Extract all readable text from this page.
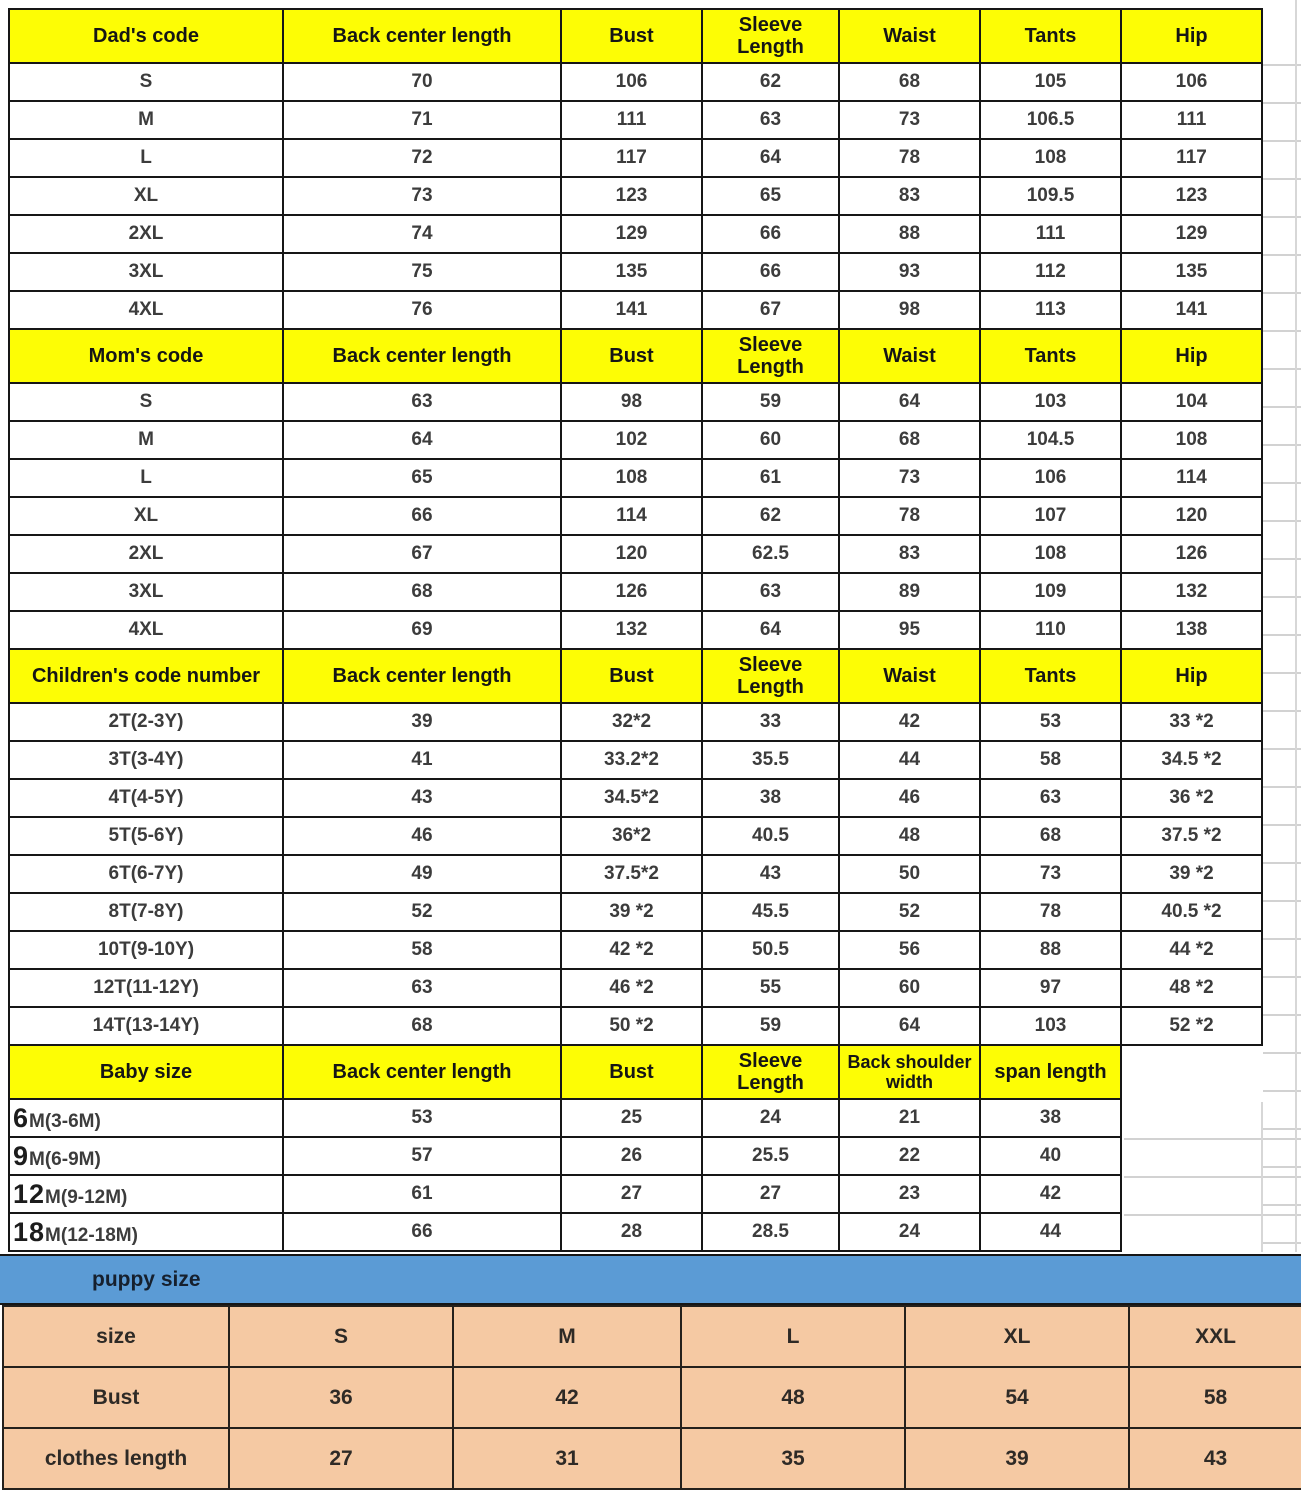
Dad's code	Back center length	Bust	Sleeve Length	Waist	Tants	Hip
S	70	106	62	68	105	106
M	71	111	63	73	106.5	111
L	72	117	64	78	108	117
XL	73	123	65	83	109.5	123
2XL	74	129	66	88	111	129
3XL	75	135	66	93	112	135
4XL	76	141	67	98	113	141
Mom's code	Back center length	Bust	Sleeve Length	Waist	Tants	Hip
S	63	98	59	64	103	104
M	64	102	60	68	104.5	108
L	65	108	61	73	106	114
XL	66	114	62	78	107	120
2XL	67	120	62.5	83	108	126
3XL	68	126	63	89	109	132
4XL	69	132	64	95	110	138
Children's code number	Back center length	Bust	Sleeve Length	Waist	Tants	Hip
2T(2-3Y)	39	32*2	33	42	53	33 *2
3T(3-4Y)	41	33.2*2	35.5	44	58	34.5 *2
4T(4-5Y)	43	34.5*2	38	46	63	36 *2
5T(5-6Y)	46	36*2	40.5	48	68	37.5 *2
6T(6-7Y)	49	37.5*2	43	50	73	39 *2
8T(7-8Y)	52	39 *2	45.5	52	78	40.5 *2
10T(9-10Y)	58	42 *2	50.5	56	88	44 *2
12T(11-12Y)	63	46 *2	55	60	97	48 *2
14T(13-14Y)	68	50 *2	59	64	103	52 *2
Baby size	Back center length	Bust	Sleeve Length	Back shoulder width	span length
6M(3-6M)	53	25	24	21	38
9M(6-9M)	57	26	25.5	22	40
12M(9-12M)	61	27	27	23	42
18M(12-18M)	66	28	28.5	24	44
puppy size
size	S	M	L	XL	XXL
Bust	36	42	48	54	58
clothes length	27	31	35	39	43
